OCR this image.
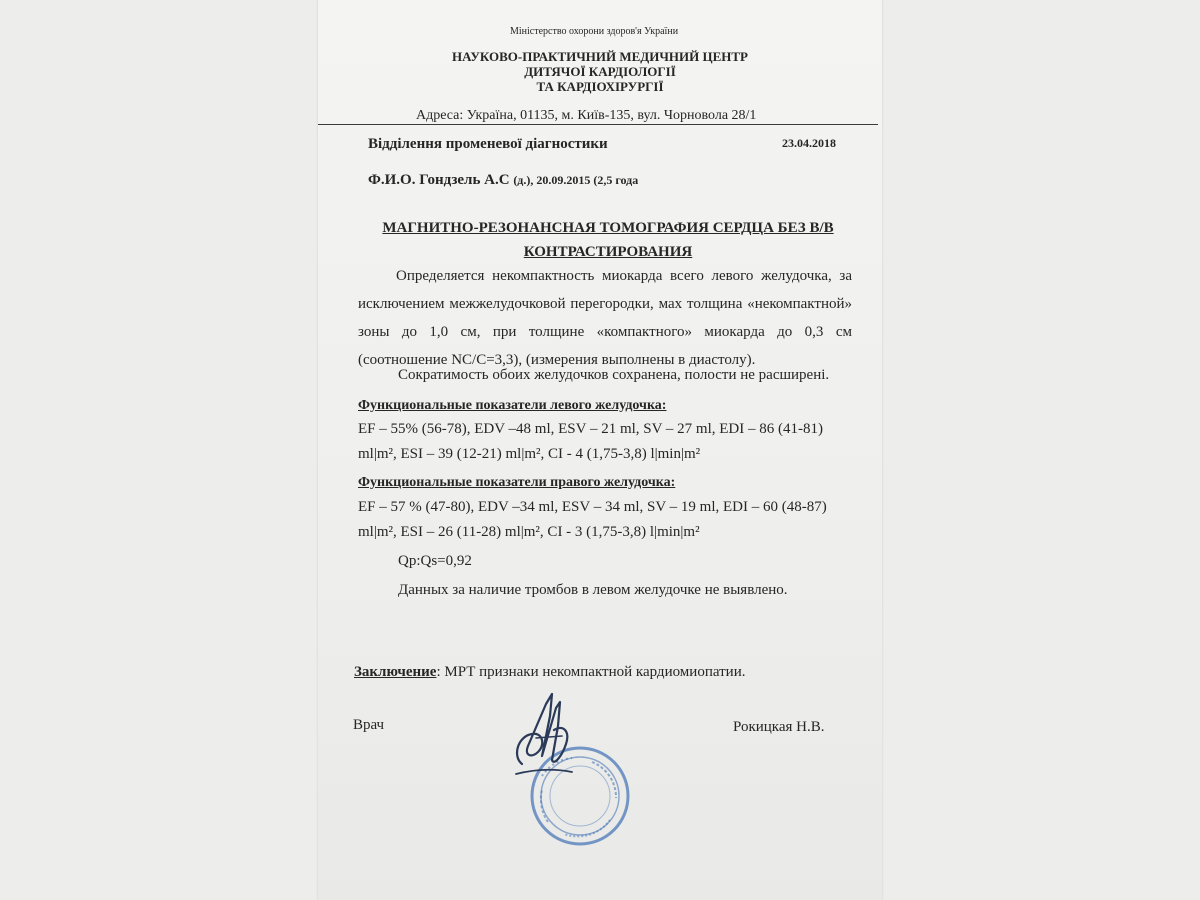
Міністерство охорони здоров'я України
НАУКОВО-ПРАКТИЧНИЙ МЕДИЧНИЙ ЦЕНТР
ДИТЯЧОЇ КАРДІОЛОГІЇ
ТА КАРДІОХІРУРГІЇ
Адреса: Україна, 01135, м. Київ-135, вул. Чорновола 28/1
Відділення променевої діагностики	23.04.2018
Ф.И.О. Гондзель А.С (д.), 20.09.2015 (2,5 года
МАГНИТНО-РЕЗОНАНСНАЯ ТОМОГРАФИЯ СЕРДЦА БЕЗ В/В КОНТРАСТИРОВАНИЯ
Определяется некомпактность миокарда всего левого желудочка, за исключением межжелудочковой перегородки, мах толщина «некомпактной» зоны до 1,0 см, при толщине «компактного» миокарда до 0,3 см (соотношение NC/C=3,3), (измерения выполнены в диастолу).
Сократимость обоих желудочков сохранена, полости не расширені.
Функциональные показатели левого желудочка:
EF – 55% (56-78), EDV –48 ml, ESV – 21 ml, SV – 27 ml, EDI – 86 (41-81)
ml|m², ESI – 39 (12-21) ml|m², CI - 4 (1,75-3,8) l|min|m²
Функциональные показатели правого желудочка:
EF – 57 % (47-80), EDV –34 ml, ESV – 34 ml, SV – 19 ml, EDI – 60 (48-87)
ml|m², ESI – 26 (11-28) ml|m², CI - 3 (1,75-3,8) l|min|m²
Qp:Qs=0,92
Данных за наличие тромбов в левом желудочке не выявлено.
Заключение: МРТ признаки некомпактной кардиомиопатии.
Врач	Рокицкая Н.В.
